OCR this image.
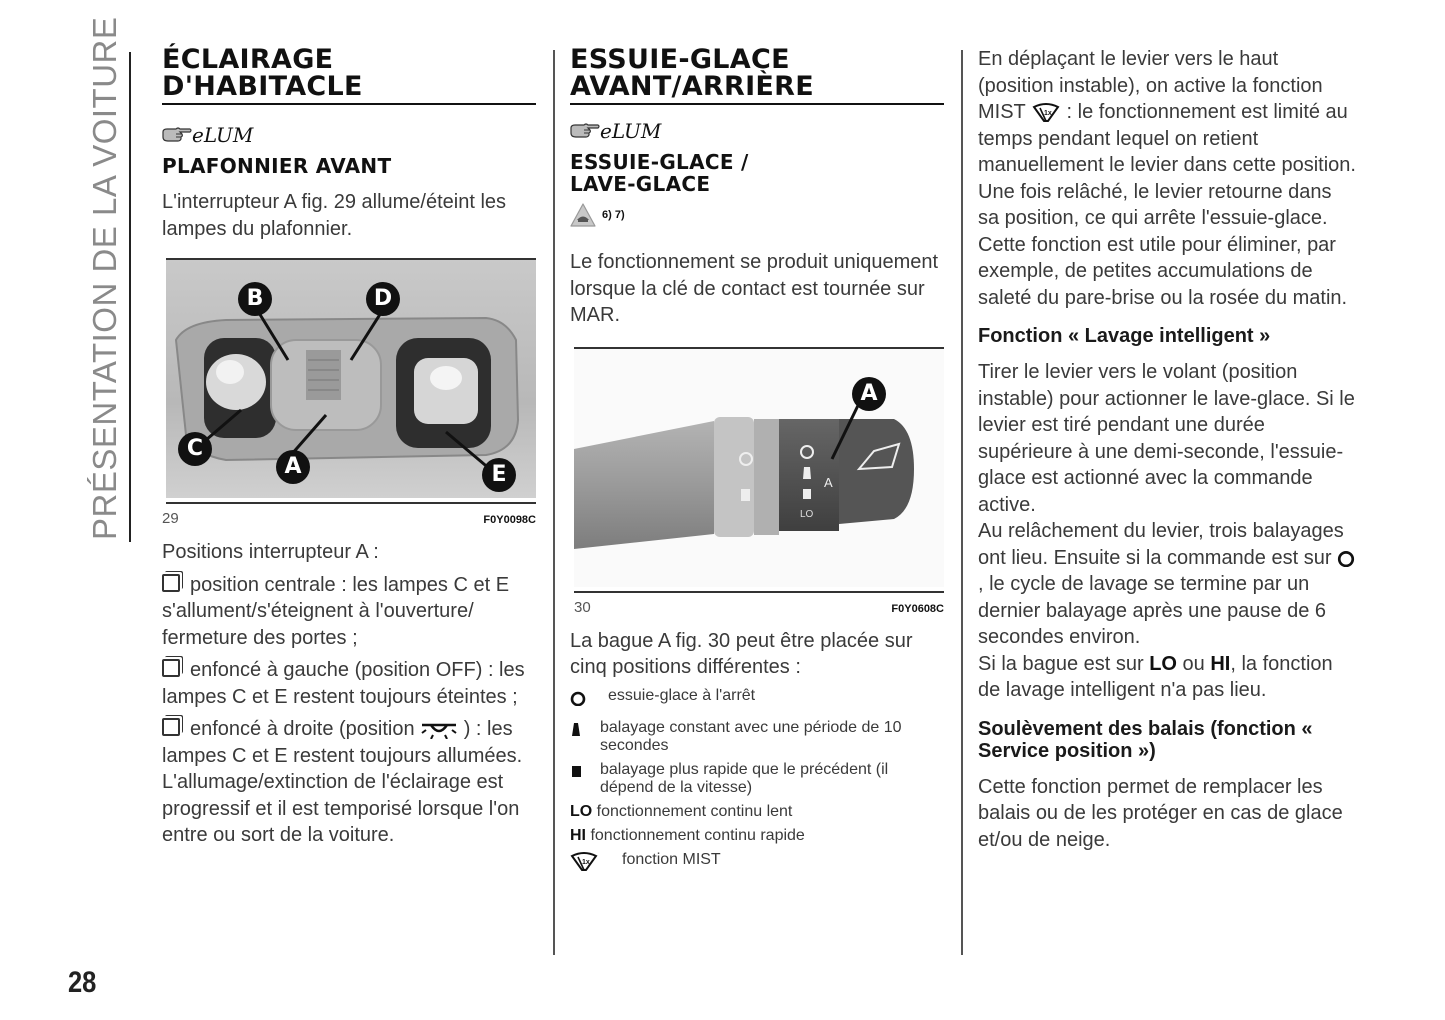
PRÉSENTATION DE LA VOITURE
28
ÉCLAIRAGE
D'HABITACLE
eLUM
PLAFONNIER AVANT

L'interrupteur A fig. 29 allume/éteint les lampes du plafonnier.

B	D
C
A	E
29	F0Y0098C

Positions interrupteur A :

position centrale : les lampes C et E s'allument/s'éteignent à l'ouverture/ fermeture des portes ;

enfoncé à gauche (position OFF) : les lampes C et E restent toujours éteintes ;

enfoncé à droite (position ) : les lampes C et E restent toujours allumées.

L'allumage/extinction de l'éclairage est progressif et il est temporisé lorsque l'on entre ou sort de la voiture.

ESSUIE-GLACE
AVANT/ARRIÈRE
eLUM
ESSUIE-GLACE /
LAVE-GLACE
6) 7)

Le fonctionnement se produit uniquement lorsque la clé de contact est tournée sur MAR.

LO
A
A
30	F0Y0608C

La bague A fig. 30 peut être placée sur cinq positions différentes :

essuie-glace à l'arrêt
balayage constant avec une période de 10 secondes
balayage plus rapide que le précédent (il dépend de la vitesse)
LO fonctionnement continu lent
HI fonctionnement continu rapide
1x fonction MIST

En déplaçant le levier vers le haut (position instable), on active la fonction MIST	1x : le fonctionnement est limité au temps pendant lequel on retient manuellement le levier dans cette position. Une fois relâché, le levier retourne dans sa position, ce qui arrête l'essuie-glace. Cette fonction est utile pour éliminer, par exemple, de petites accumulations de saleté du pare-brise ou la rosée du matin.

Fonction « Lavage intelligent »

Tirer le levier vers le volant (position instable) pour actionner le lave-glace. Si le levier est tiré pendant une durée supérieure à une demi-seconde, l'essuie-glace est actionné avec la commande active.

Au relâchement du levier, trois balayages ont lieu. Ensuite si la commande est sur , le cycle de lavage se termine par un dernier balayage après une pause de 6 secondes environ.

Si la bague est sur LO ou HI, la fonction de lavage intelligent n'a pas lieu.

Soulèvement des balais (fonction « Service position »)

Cette fonction permet de remplacer les balais ou de les protéger en cas de glace et/ou de neige.
